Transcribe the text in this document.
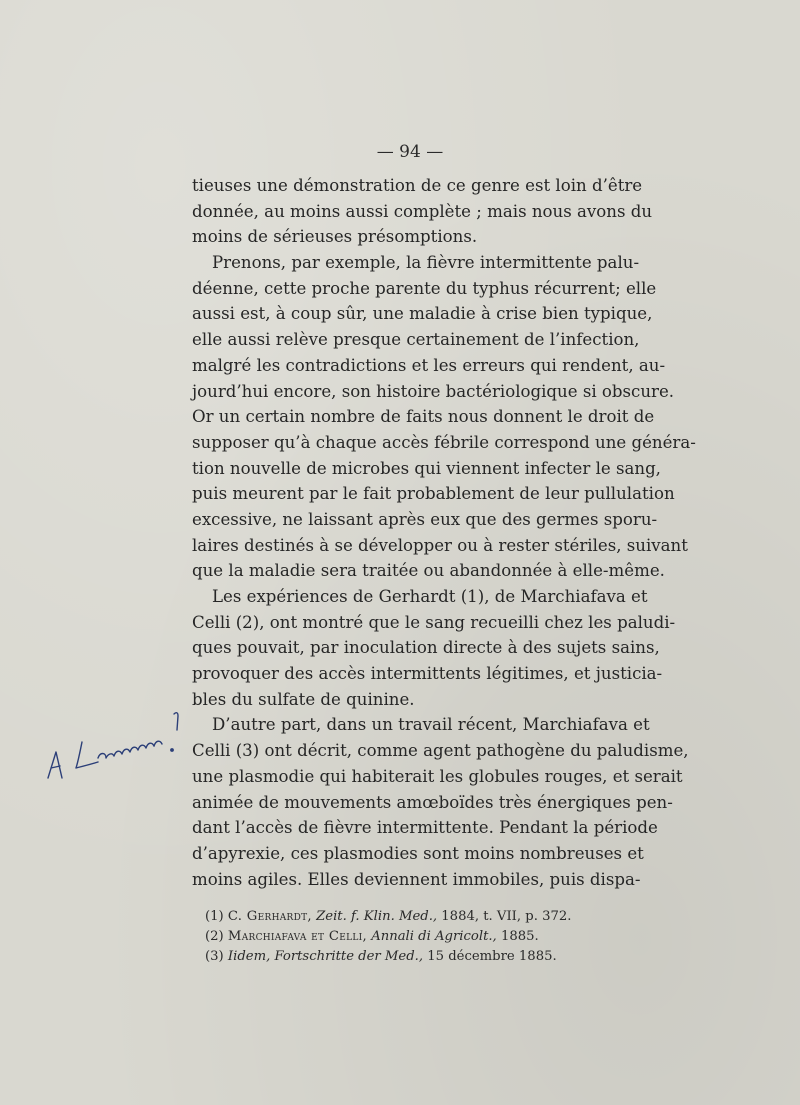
— 94 —
tieuses une démonstration de ce genre est loin d’être
donnée, au moins aussi complète ; mais nous avons du
moins de sérieuses présomptions.
Prenons, par exemple, la fièvre intermittente palu-
déenne, cette proche parente du typhus récurrent; elle
aussi est, à coup sûr, une maladie à crise bien typique,
elle aussi relève presque certainement de l’infection,
malgré les contradictions et les erreurs qui rendent, au-
jourd’hui encore, son histoire bactériologique si obscure.
Or un certain nombre de faits nous donnent le droit de
supposer qu’à chaque accès fébrile correspond une généra-
tion nouvelle de microbes qui viennent infecter le sang,
puis meurent par le fait probablement de leur pullulation
excessive, ne laissant après eux que des germes sporu-
laires destinés à se développer ou à rester stériles, suivant
que la maladie sera traitée ou abandonnée à elle-même.
Les expériences de Gerhardt (1), de Marchiafava et
Celli (2), ont montré que le sang recueilli chez les paludi-
ques pouvait, par inoculation directe à des sujets sains,
provoquer des accès intermittents légitimes, et justicia-
bles du sulfate de quinine.
D’autre part, dans un travail récent, Marchiafava et
Celli (3) ont décrit, comme agent pathogène du paludisme,
une plasmodie qui habiterait les globules rouges, et serait
animée de mouvements amœboïdes très énergiques pen-
dant l’accès de fièvre intermittente. Pendant la période
d’apyrexie, ces plasmodies sont moins nombreuses et
moins agiles. Elles deviennent immobiles, puis dispa-
(1) C. Gerhardt, Zeit. f. Klin. Med., 1884, t. VII, p. 372.
(2) Marchiafava et Celli, Annali di Agricolt., 1885.
(3) Iidem, Fortschritte der Med., 15 décembre 1885.
